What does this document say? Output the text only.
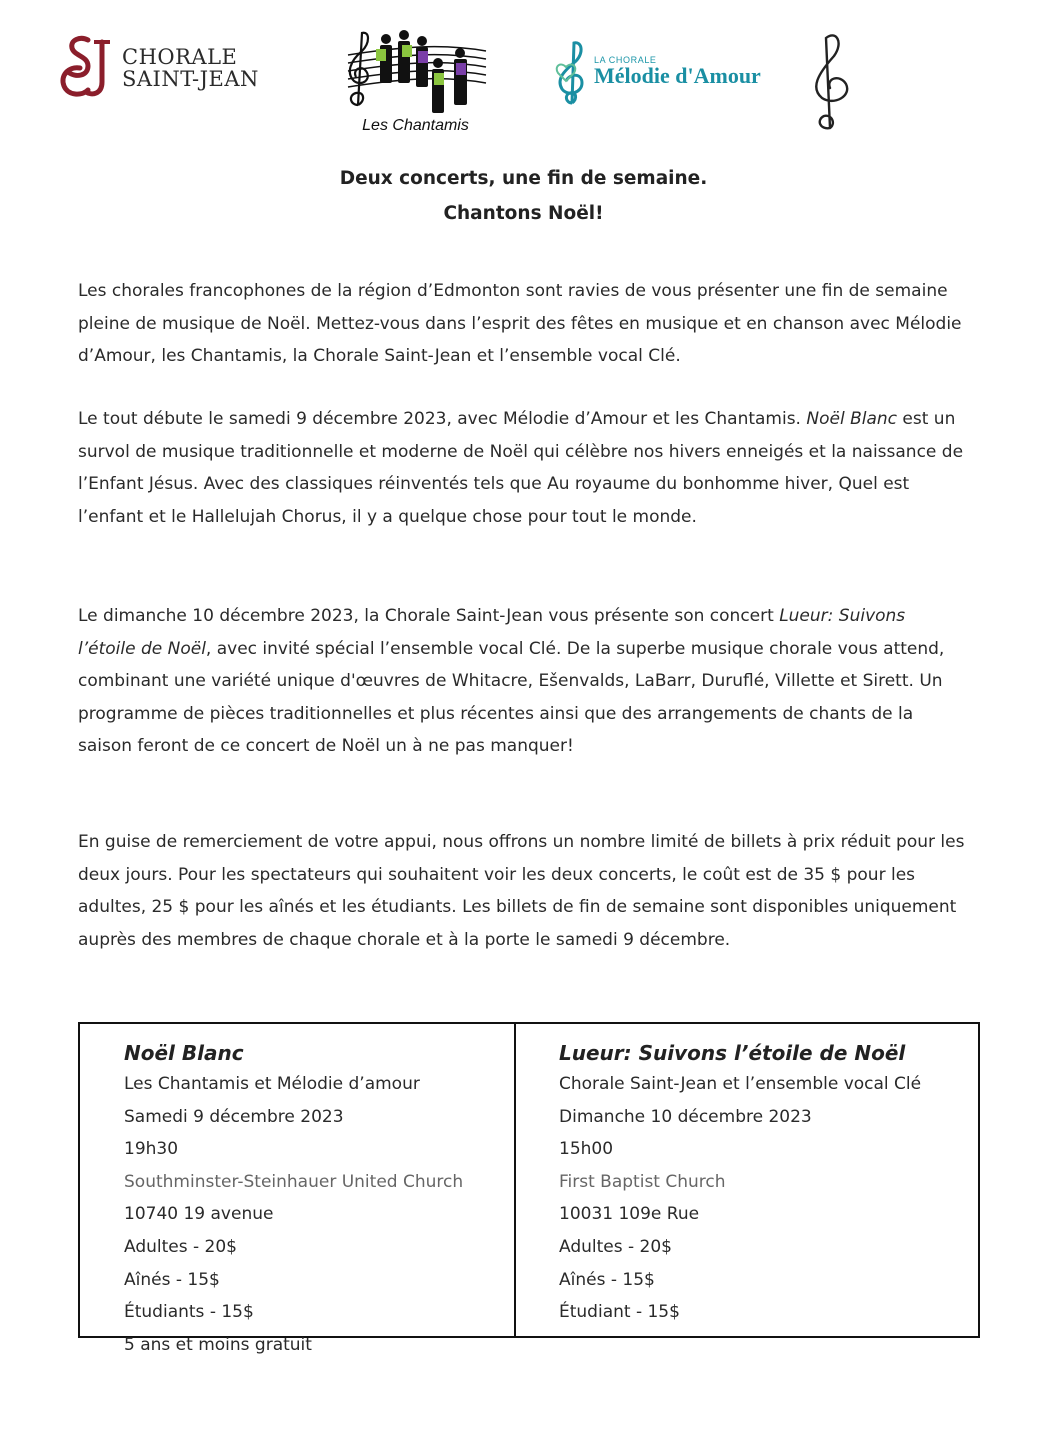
CHORALE
SAINT-JEAN
Les Chantamis
LA CHORALE
Mélodie d'Amour
Deux concerts, une fin de semaine.
Chantons Noël!

Les chorales francophones de la région d’Edmonton sont ravies de vous présenter une fin de semaine pleine de musique de Noël. Mettez-vous dans l’esprit des fêtes en musique et en chanson avec Mélodie d’Amour, les Chantamis, la Chorale Saint-Jean et l’ensemble vocal Clé.

Le tout débute le samedi 9 décembre 2023, avec Mélodie d’Amour et les Chantamis. Noël Blanc est un survol de musique traditionnelle et moderne de Noël qui célèbre nos hivers enneigés et la naissance de l’Enfant Jésus. Avec des classiques réinventés tels que Au royaume du bonhomme hiver, Quel est l’enfant et le Hallelujah Chorus, il y a quelque chose pour tout le monde.

Le dimanche 10 décembre 2023, la Chorale Saint-Jean vous présente son concert Lueur: Suivons l’étoile de Noël, avec invité spécial l’ensemble vocal Clé. De la superbe musique chorale vous attend, combinant une variété unique d'œuvres de Whitacre, Ešenvalds, LaBarr, Duruflé, Villette et Sirett. Un programme de pièces traditionnelles et plus récentes ainsi que des arrangements de chants de la saison feront de ce concert de Noël un à ne pas manquer!

En guise de remerciement de votre appui, nous offrons un nombre limité de billets à prix réduit pour les deux jours. Pour les spectateurs qui souhaitent voir les deux concerts, le coût est de 35 $ pour les adultes, 25 $ pour les aînés et les étudiants. Les billets de fin de semaine sont disponibles uniquement auprès des membres de chaque chorale et à la porte le samedi 9 décembre.

Noël Blanc
Les Chantamis et Mélodie d’amour
Samedi 9 décembre 2023
19h30
Southminster-Steinhauer United Church
10740 19 avenue
Adultes - 20$
Aînés - 15$
Étudiants - 15$
5 ans et moins gratuit
Lueur: Suivons l’étoile de Noël
Chorale Saint-Jean et l’ensemble vocal Clé
Dimanche 10 décembre 2023
15h00
First Baptist Church
10031 109e Rue
Adultes - 20$
Aînés - 15$
Étudiant - 15$
